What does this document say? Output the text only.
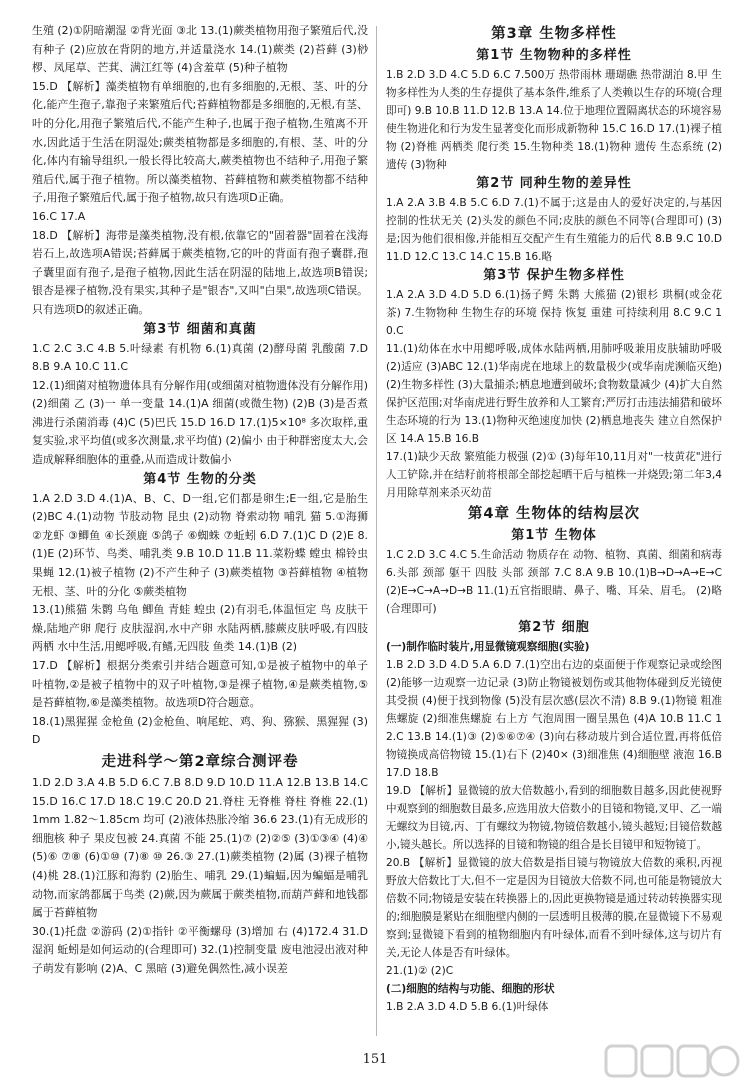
生殖 (2)①阴暗潮湿 ②背光面 ③北 13.(1)蕨类植物用孢子繁殖后代,没有种子 (2)应放在背阴的地方,并适量浇水 14.(1)蕨类 (2)苔藓 (3)桫椤、凤尾草、芒萁、满江红等 (4)含羞草 (5)种子植物

15.D 【解析】藻类植物有单细胞的,也有多细胞的,无根、茎、叶的分化,能产生孢子,靠孢子来繁殖后代;苔藓植物都是多细胞的,无根,有茎、叶的分化,用孢子繁殖后代,不能产生种子,也属于孢子植物,生殖离不开水,因此适于生活在阴湿处;蕨类植物都是多细胞的,有根、茎、叶的分化,体内有输导组织,一般长得比较高大,蕨类植物也不结种子,用孢子繁殖后代,属于孢子植物。所以藻类植物、苔藓植物和蕨类植物都不结种子,用孢子繁殖后代,属于孢子植物,故只有选项D正确。

16.C 17.A

18.D 【解析】海带是藻类植物,没有根,依靠它的"固着器"固着在浅海岩石上,故选项A错误;苔藓属于蕨类植物,它的叶的背面有孢子囊群,孢子囊里面有孢子,是孢子植物,因此生活在阴湿的陆地上,故选项B错误;银杏是裸子植物,没有果实,其种子是"银杏",又叫"白果",故选项C错误。只有选项D的叙述正确。

第3节 细菌和真菌

1.C 2.C 3.C 4.B 5.叶绿素 有机物 6.(1)真菌 (2)酵母菌 乳酸菌 7.D 8.B 9.A 10.C 11.C

12.(1)细菌对植物遗体具有分解作用(或细菌对植物遗体没有分解作用) (2)细菌 乙 (3)一 单一变量 14.(1)A 细菌(或微生物) (2)B (3)是否煮沸进行杀菌消毒 (4)C (5)巴氏 15.D 16.D 17.(1)5×10⁸ 多次取样,重复实验,求平均值(或多次测量,求平均值) (2)偏小 由于种群密度太大,会造成解释细胞体的重叠,从而造成计数偏小

第4节 生物的分类

1.A 2.D 3.D 4.(1)A、B、C、D一组,它们都是卵生;E一组,它是胎生 (2)BC 4.(1)动物 节肢动物 昆虫 (2)动物 脊索动物 哺乳 猫 5.①海狮 ②龙虾 ③鲫鱼 ④长颈鹿 ⑤鸽子 ⑥蜘蛛 ⑦蚯蚓 6.D 7.(1)C D (2)E 8.(1)E (2)环节、鸟类、哺乳类 9.B 10.D 11.B 11.菜粉蝶 螳虫 棉铃虫 果蝇 12.(1)被子植物 (2)不产生种子 (3)蕨类植物 ③苔藓植物 ④植物无根、茎、叶的分化 ⑤蕨类植物

13.(1)熊猫 朱鹮 乌龟 鲫鱼 青蛙 蝗虫 (2)有羽毛,体温恒定 鸟 皮肤干燥,陆地产卵 爬行 皮肤湿润,水中产卵 水陆两栖,膝蕨皮肤呼吸,有四肢 两栖 水中生活,用鳃呼吸,有鳍,无四肢 鱼类 14.(1)B (2)

17.D 【解析】根据分类索引并结合题意可知,①是被子植物中的单子叶植物,②是被子植物中的双子叶植物,③是裸子植物,④是蕨类植物,⑤是苔藓植物,⑥是藻类植物。故选项D符合题意。

18.(1)黑猩猩 金枪鱼 (2)金枪鱼、响尾蛇、鸡、狗、猕猴、黑猩猩 (3)D

走进科学～第2章综合测评卷

1.D 2.D 3.A 4.B 5.D 6.C 7.B 8.D 9.D 10.D 11.A 12.B 13.B 14.C 15.D 16.C 17.D 18.C 19.C 20.D 21.脊柱 无脊椎 脊柱 脊椎 22.(1)1mm 1.82～1.85cm 均可 (2)液体热胀冷缩 36.6 23.(1)有无成形的细胞核 种子 果皮包被 24.真菌 不能 25.(1)⑦ (2)②⑤ (3)①③④ (4)④ (5)⑥ ⑦⑧ (6)①⑩ (7)⑧ ⑩ 26.③ 27.(1)蕨类植物 (2)属 (3)裸子植物 (4)桃 28.(1)江豚和海豹 (2)胎生、哺乳 29.(1)蝙蝠,因为蝙蝠是哺乳动物,而家鸽都属于鸟类 (2)蕨,因为蕨属于蕨类植物,而葫芦藓和地钱都属于苔藓植物

30.(1)托盘 ②游码 (2)①指针 ②平衡螺母 (3)增加 右 (4)172.4 31.D 湿润 蚯蚓是如何运动的(合理即可) 32.(1)控制变量 废电池浸出液对种子萌发有影响 (2)A、C 黑暗 (3)避免偶然性,减小误差

第3章 生物多样性
第1节 生物物种的多样性

1.B 2.D 3.D 4.C 5.D 6.C 7.500万 热带雨林 珊瑚礁 热带湖泊 8.甲 生物多样性为人类的生存提供了基本条件,维系了人类赖以生存的环境(合理即可) 9.B 10.B 11.D 12.B 13.A 14.位于地理位置隔离状态的环境容易使生物进化和行为发生显著变化而形成新物种 15.C 16.D 17.(1)裸子植物 (2)脊椎 两栖类 爬行类 15.生物种类 18.(1)物种 遗传 生态系统 (2)遗传 (3)物种

第2节 同种生物的差异性

1.A 2.A 3.B 4.B 5.C 6.D 7.(1)不属于;这是由人的爱好决定的,与基因控制的性状无关 (2)头发的颜色不同;皮肤的颜色不同等(合理即可) (3)是;因为他们很相像,并能相互交配产生有生殖能力的后代 8.B 9.C 10.D 11.D 12.C 13.C 14.C 15.B 16.略

第3节 保护生物多样性

1.A 2.A 3.D 4.D 5.D 6.(1)扬子鳄 朱鹮 大熊猫 (2)银杉 珙桐(或金花茶) 7.生物物种 生物生存的环境 保持 恢复 重建 可持续利用 8.C 9.C 10.C

11.(1)幼体在水中用鳃呼吸,成体水陆两栖,用肺呼吸兼用皮肤辅助呼吸 (2)适应 (3)ABC 12.(1)华南虎在地球上的数量极少(或华南虎濒临灭绝) (2)生物多样性 (3)大量捕杀;栖息地遭到破坏;食物数量减少 (4)扩大自然保护区范围;对华南虎进行野生放养和人工繁育;严厉打击违法捕猎和破坏生态环境的行为 13.(1)物种灭绝速度加快 (2)栖息地丧失 建立自然保护区 14.A 15.B 16.B

17.(1)缺少天敌 繁殖能力极强 (2)① (3)每年10,11月对"一枝黄花"进行人工铲除,并在结籽前将根部全部挖起晒干后与植株一并烧毁;第二年3,4月用除草剂来杀灭幼苗

第4章 生物体的结构层次
第1节 生物体

1.C 2.D 3.C 4.C 5.生命活动 物质存在 动物、植物、真菌、细菌和病毒 6.头部 颈部 躯干 四肢 头部 颈部 7.C 8.A 9.B 10.(1)B→D→A→E→C (2)E→C→A→D→B 11.(1)五官指眼睛、鼻子、嘴、耳朵、眉毛。 (2)略(合理即可)

第2节 细胞
(一)制作临时装片,用显微镜观察细胞(实验)

1.B 2.D 3.D 4.D 5.A 6.D 7.(1)空出右边的桌面便于作观察记录或绘图 (2)能够一边观察一边记录 (3)防止物镜被划伤或其他物体碰到反光镜使其受损 (4)便于找到物像 (5)没有层次感(层次不清) 8.B 9.(1)物镜 粗准焦螺旋 (2)细准焦螺旋 右上方 气泡周围一圈呈黑色 (4)A 10.B 11.C 12.C 13.B 14.(1)③ (2)⑤⑥⑦④ (3)向右移动玻片到合适位置,再将低倍物镜换成高倍物镜 15.(1)右下 (2)40× (3)细准焦 (4)细胞壁 液泡 16.B 17.D 18.B

19.D 【解析】显微镜的放大倍数越小,看到的细胞数目越多,因此使视野中观察到的细胞数目最多,应选用放大倍数小的目镜和物镜,叉甲、乙一端无螺纹为目镜,丙、丁有螺纹为物镜,物镜倍数越小,镜头越短;目镜倍数越小,镜头越长。所以选择的目镜和物镜的组合是长目镜甲和短物镜丁。

20.B 【解析】显微镜的放大倍数是指目镜与物镜放大倍数的乘积,丙视野放大倍数比丁大,但不一定是因为目镜放大倍数不同,也可能是物镜放大倍数不同;物镜是安装在转换器上的,因此更换物镜是通过转动转换器实现的;细胞膜是紧贴在细胞壁内侧的一层透明且极薄的膜,在显微镜下不易观察到;显微镜下看到的植物细胞内有叶绿体,而看不到叶绿体,这与切片有关,无论人体是否有叶绿体。

21.(1)② (2)C

(二)细胞的结构与功能、细胞的形状

1.B 2.A 3.D 4.D 5.B 6.(1)叶绿体

151
